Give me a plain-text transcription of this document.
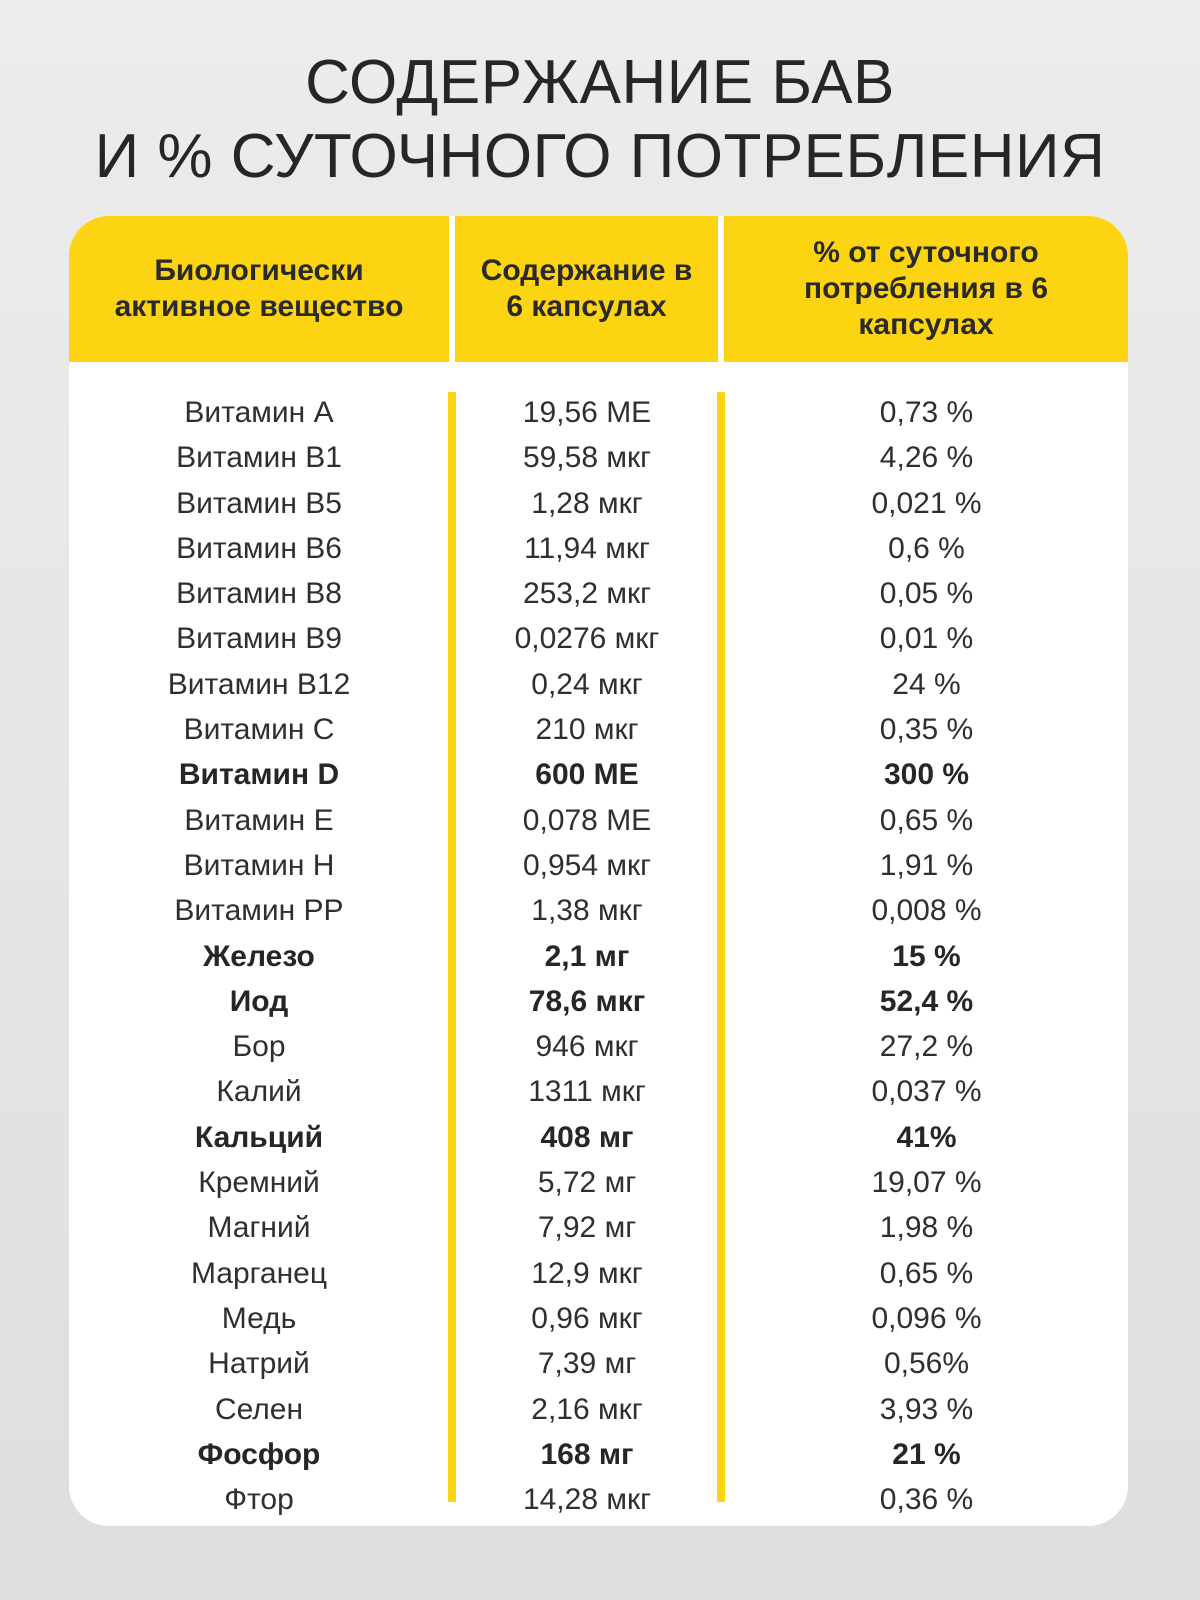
СОДЕРЖАНИЕ БАВ
И % СУТОЧНОГО ПОТРЕБЛЕНИЯ
Биологически активное вещество
Содержание в 6 капсулах
% от суточного потребления в 6 капсулах
Витамин А	19,56 МЕ	0,73 %
Витамин В1	59,58 мкг	4,26 %
Витамин В5	1,28 мкг	0,021 %
Витамин В6	11,94 мкг	0,6 %
Витамин В8	253,2 мкг	0,05 %
Витамин В9	0,0276 мкг	0,01 %
Витамин В12	0,24 мкг	24 %
Витамин С	210 мкг	0,35 %
Витамин D	600 МЕ	300 %
Витамин Е	0,078 МЕ	0,65 %
Витамин Н	0,954 мкг	1,91 %
Витамин РР	1,38 мкг	0,008 %
Железо	2,1 мг	15 %
Иод	78,6 мкг	52,4 %
Бор	946 мкг	27,2 %
Калий	1311 мкг	0,037 %
Кальций	408 мг	41%
Кремний	5,72 мг	19,07 %
Магний	7,92 мг	1,98 %
Марганец	12,9 мкг	0,65 %
Медь	0,96 мкг	0,096 %
Натрий	7,39 мг	0,56%
Селен	2,16 мкг	3,93 %
Фосфор	168 мг	21 %
Фтор	14,28 мкг	0,36 %
